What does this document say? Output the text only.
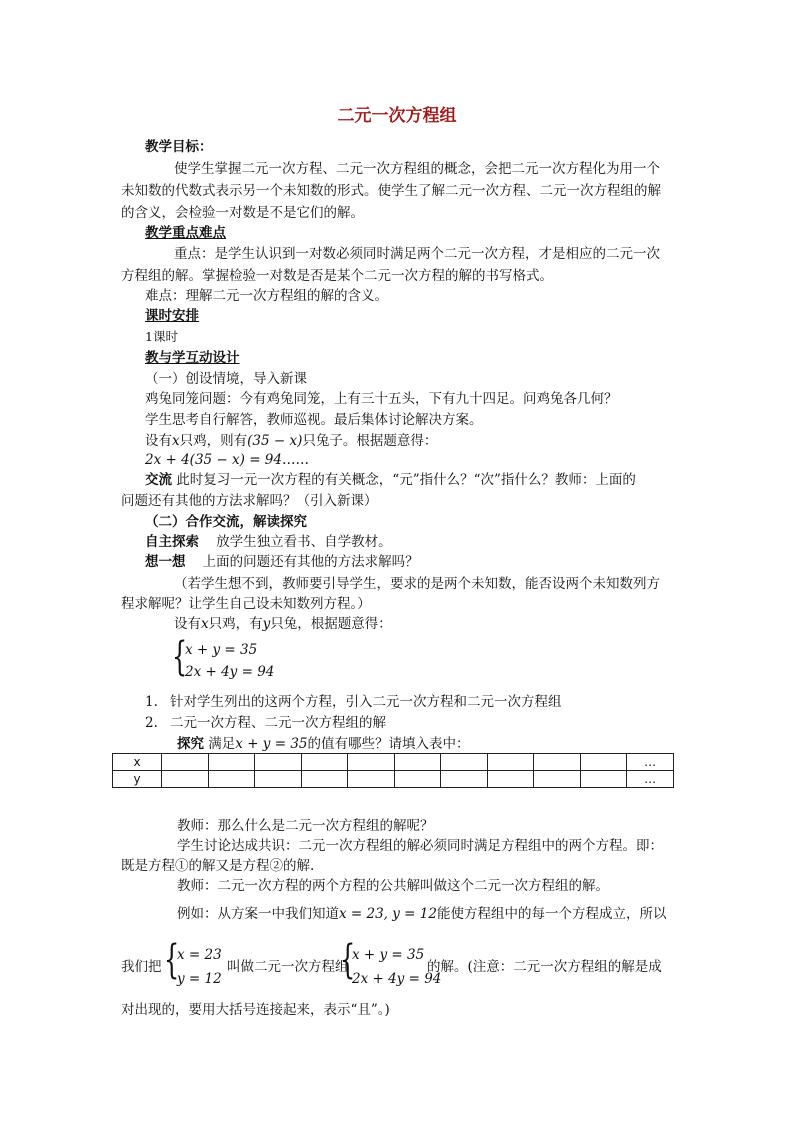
二元一次方程组
教学目标：
使学生掌握二元一次方程、二元一次方程组的概念，会把二元一次方程化为用一个
未知数的代数式表示另一个未知数的形式。使学生了解二元一次方程、二元一次方程组的解
的含义，会检验一对数是不是它们的解。
教学重点难点
重点：是学生认识到一对数必须同时满足两个二元一次方程，才是相应的二元一次
方程组的解。掌握检验一对数是否是某个二元一次方程的解的书写格式。
难点：理解二元一次方程组的解的含义。
课时安排
1课时
教与学互动设计
（一）创设情境，导入新课
鸡兔同笼问题：今有鸡兔同笼，上有三十五头，下有九十四足。问鸡兔各几何？
学生思考自行解答，教师巡视。最后集体讨论解决方案。
设有x只鸡，则有(35 − x)只兔子。根据题意得：
2x + 4(35 − x) = 94……
交流 此时复习一元一次方程的有关概念，“元”指什么？“次”指什么？教师：上面的
问题还有其他的方法求解吗？（引入新课）
（二）合作交流，解读探究
自主探索 放学生独立看书、自学教材。
想一想 上面的问题还有其他的方法求解吗？
（若学生想不到，教师要引导学生，要求的是两个未知数，能否设两个未知数列方
程求解呢？让学生自己设未知数列方程。）
设有x只鸡，有y只兔，根据题意得：
{
x + y = 35
2x + 4y = 94
1. 针对学生列出的这两个方程，引入二元一次方程和二元一次方程组
2. 二元一次方程、二元一次方程组的解
探究 满足x + y = 35的值有哪些？请填入表中：
x											…
y											…
教师：那么什么是二元一次方程组的解呢？
学生讨论达成共识：二元一次方程组的解必须同时满足方程组中的两个方程。即：
既是方程①的解又是方程②的解.
教师：二元一次方程的两个方程的公共解叫做这个二元一次方程组的解。
例如：从方案一中我们知道x = 23, y = 12能使方程组中的每一个方程成立，所以
我们把 {
x = 23
y = 12
叫做二元一次方程组
{
x + y = 35
2x + 4y = 94
的解。(注意：二元一次方程组的解是成
对出现的，要用大括号连接起来，表示“且”。)
